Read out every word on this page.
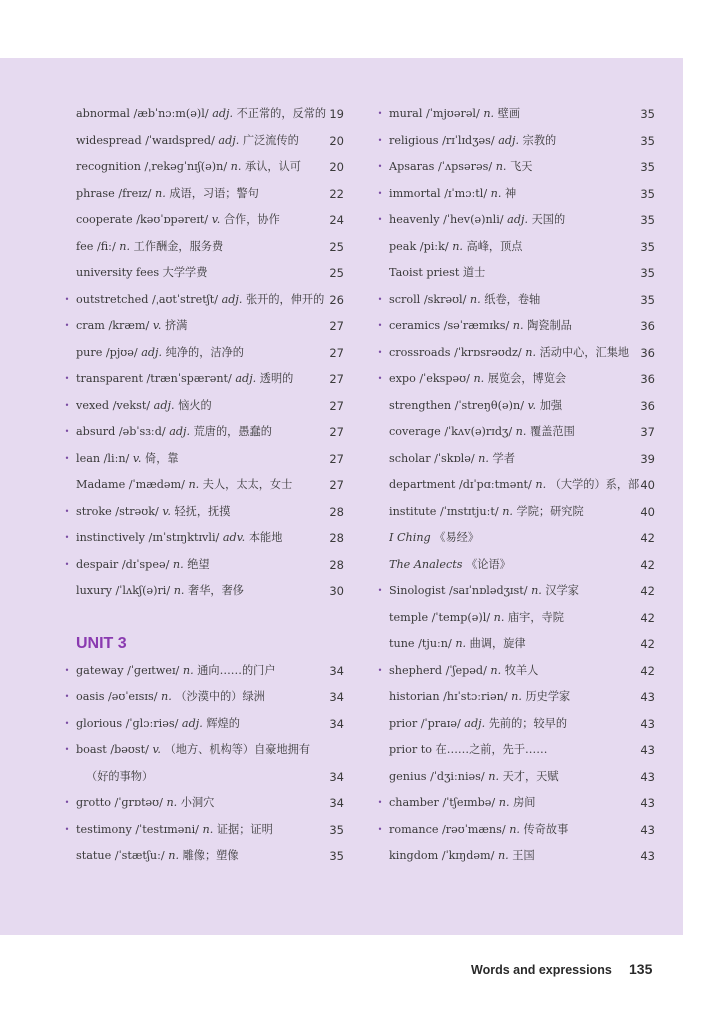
bilibili
abnormal /æbˈnɔːm(ə)l/ adj. 不正常的，反常的 19
widespread /ˈwaɪdspred/ adj. 广泛流传的	20
recognition /ˌrekəɡˈnɪʃ(ə)n/ n. 承认，认可 20
phrase /freɪz/ n. 成语，习语；警句	22
cooperate /kəʊˈɒpəreɪt/ v. 合作，协作	24
fee /fiː/ n. 工作酬金，服务费	25
university fees 大学学费	25
• outstretched /ˌaʊtˈstretʃt/ adj. 张开的，伸开的 26
• cram /kræm/ v. 挤满	27
pure /pjʊə/ adj. 纯净的，洁净的	27
• transparent /trænˈspærənt/ adj. 透明的	27
• vexed /vekst/ adj. 恼火的	27
• absurd /əbˈsɜːd/ adj. 荒唐的，愚蠢的	27
• lean /liːn/ v. 倚，靠	27
Madame /ˈmædəm/ n. 夫人，太太，女士	27
• stroke /strəʊk/ v. 轻抚，抚摸	28
• instinctively /ɪnˈstɪŋktɪvli/ adv. 本能地	28
• despair /dɪˈspeə/ n. 绝望	28
luxury /ˈlʌkʃ(ə)ri/ n. 奢华，奢侈	30
UNIT 3
• gateway /ˈɡeɪtweɪ/ n. 通向……的门户	34
• oasis /əʊˈeɪsɪs/ n. （沙漠中的）绿洲	34
• glorious /ˈɡlɔːriəs/ adj. 辉煌的	34
• boast /bəʊst/ v. （地方、机构等）自豪地拥有
（好的事物）	34
• grotto /ˈɡrɒtəʊ/ n. 小洞穴	34
• testimony /ˈtestɪməni/ n. 证据；证明	35
statue /ˈstætʃuː/ n. 雕像；塑像	35
• mural /ˈmjʊərəl/ n. 壁画	35
• religious /rɪˈlɪdʒəs/ adj. 宗教的	35
• Apsaras /ˈʌpsərəs/ n. 飞天	35
• immortal /ɪˈmɔːtl/ n. 神	35
• heavenly /ˈhev(ə)nli/ adj. 天国的	35
peak /piːk/ n. 高峰，顶点	35
Taoist priest 道士	35
• scroll /skrəʊl/ n. 纸卷，卷轴	35
• ceramics /səˈræmɪks/ n. 陶瓷制品	36
• crossroads /ˈkrɒsrəʊdz/ n. 活动中心，汇集地 36
• expo /ˈekspəʊ/ n. 展览会，博览会	36
strengthen /ˈstreŋθ(ə)n/ v. 加强	36
coverage /ˈkʌv(ə)rɪdʒ/ n. 覆盖范围	37
scholar /ˈskɒlə/ n. 学者	39
department /dɪˈpɑːtmənt/ n. （大学的）系，部 40
institute /ˈɪnstɪtjuːt/ n. 学院；研究院	40
I Ching 《易经》	42
The Analects 《论语》	42
• Sinologist /saɪˈnɒlədʒɪst/ n. 汉学家	42
temple /ˈtemp(ə)l/ n. 庙宇，寺院	42
tune /tjuːn/ n. 曲调，旋律	42
• shepherd /ˈʃepəd/ n. 牧羊人	42
historian /hɪˈstɔːriən/ n. 历史学家	43
prior /ˈpraɪə/ adj. 先前的；较早的	43
prior to 在……之前，先于……	43
genius /ˈdʒiːniəs/ n. 天才，天赋	43
• chamber /ˈtʃeɪmbə/ n. 房间	43
• romance /rəʊˈmæns/ n. 传奇故事	43
kingdom /ˈkɪŋdəm/ n. 王国	43
Words and expressions 135
